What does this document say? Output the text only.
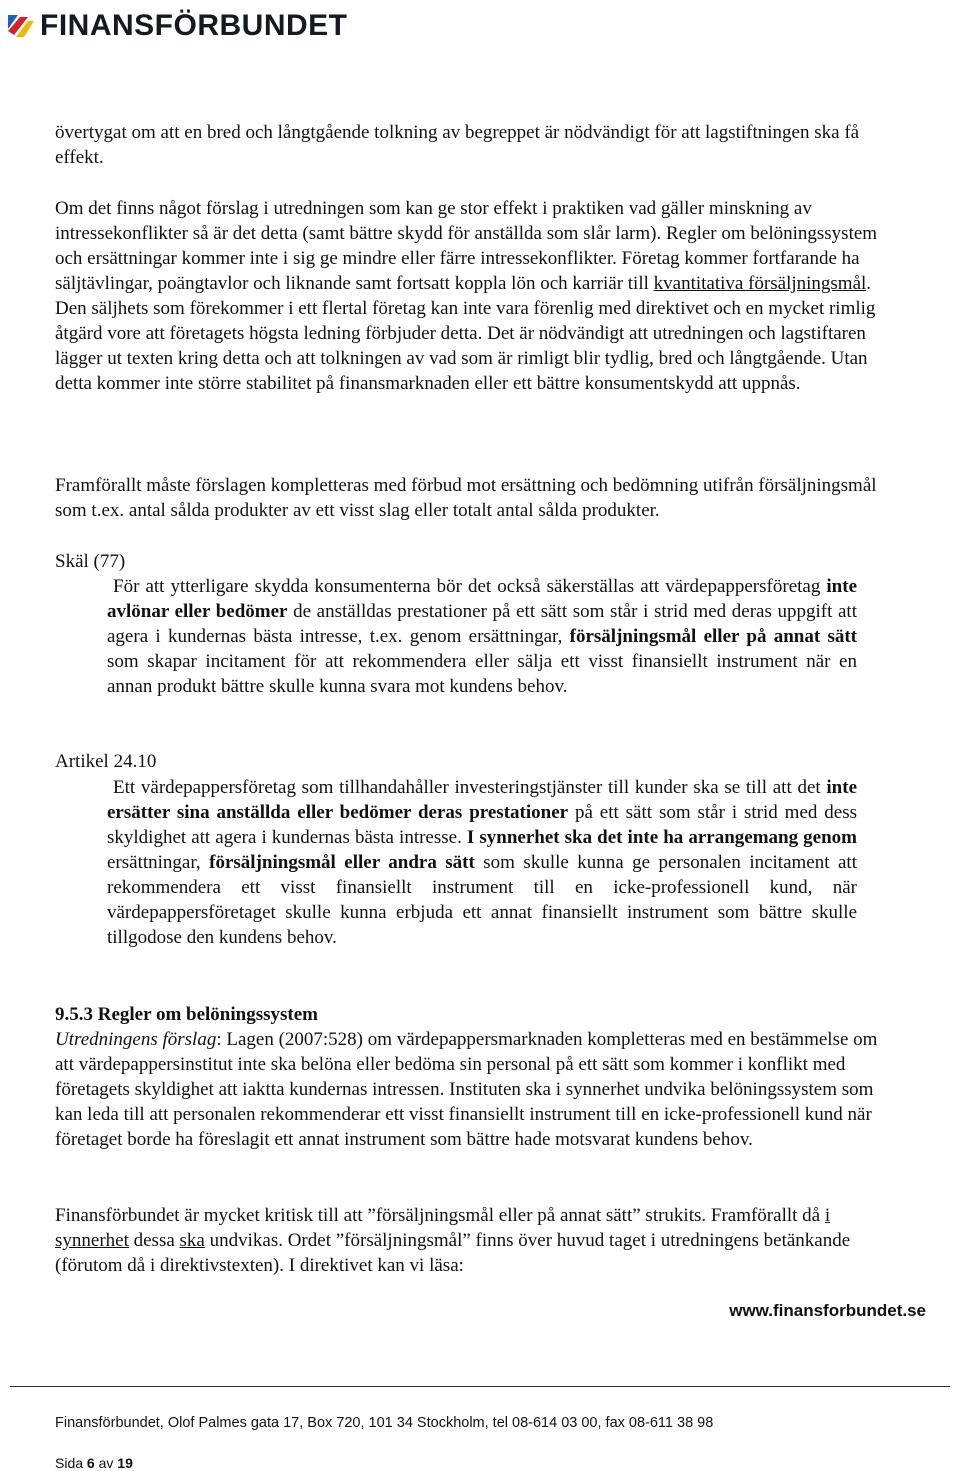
FINANSFÖRBUNDET

övertygat om att en bred och långtgående tolkning av begreppet är nödvändigt för att lagstiftningen ska få effekt.

Om det finns något förslag i utredningen som kan ge stor effekt i praktiken vad gäller minskning av intressekonflikter så är det detta (samt bättre skydd för anställda som slår larm). Regler om belöningssystem och ersättningar kommer inte i sig ge mindre eller färre intressekonflikter. Företag kommer fortfarande ha säljtävlingar, poängtavlor och liknande samt fortsatt koppla lön och karriär till kvantitativa försäljningsmål. Den säljhets som förekommer i ett flertal företag kan inte vara förenlig med direktivet och en mycket rimlig åtgärd vore att företagets högsta ledning förbjuder detta. Det är nödvändigt att utredningen och lagstiftaren lägger ut texten kring detta och att tolkningen av vad som är rimligt blir tydlig, bred och långtgående. Utan detta kommer inte större stabilitet på finansmarknaden eller ett bättre konsumentskydd att uppnås.

Framförallt måste förslagen kompletteras med förbud mot ersättning och bedömning utifrån försäljningsmål som t.ex. antal sålda produkter av ett visst slag eller totalt antal sålda produkter.

Skäl (77)

För att ytterligare skydda konsumenterna bör det också säkerställas att värdepappersföretag inte avlönar eller bedömer de anställdas prestationer på ett sätt som står i strid med deras uppgift att agera i kundernas bästa intresse, t.ex. genom ersättningar, försäljningsmål eller på annat sätt som skapar incitament för att rekommendera eller sälja ett visst finansiellt instrument när en annan produkt bättre skulle kunna svara mot kundens behov.

Artikel 24.10

Ett värdepappersföretag som tillhandahåller investeringstjänster till kunder ska se till att det inte ersätter sina anställda eller bedömer deras prestationer på ett sätt som står i strid med dess skyldighet att agera i kundernas bästa intresse. I synnerhet ska det inte ha arrangemang genom ersättningar, försäljningsmål eller andra sätt som skulle kunna ge personalen incitament att rekommendera ett visst finansiellt instrument till en icke-professionell kund, när värdepappersföretaget skulle kunna erbjuda ett annat finansiellt instrument som bättre skulle tillgodose den kundens behov.

9.5.3 Regler om belöningssystem

Utredningens förslag: Lagen (2007:528) om värdepappersmarknaden kompletteras med en bestämmelse om att värdepappersinstitut inte ska belöna eller bedöma sin personal på ett sätt som kommer i konflikt med företagets skyldighet att iaktta kundernas intressen. Instituten ska i synnerhet undvika belöningssystem som kan leda till att personalen rekommenderar ett visst finansiellt instrument till en icke-professionell kund när företaget borde ha föreslagit ett annat instrument som bättre hade motsvarat kundens behov.

Finansförbundet är mycket kritisk till att ”försäljningsmål eller på annat sätt” strukits. Framförallt då i synnerhet dessa ska undvikas. Ordet ”försäljningsmål” finns över huvud taget i utredningens betänkande (förutom då i direktivstexten). I direktivet kan vi läsa:

www.finansforbundet.se
Finansförbundet, Olof Palmes gata 17, Box 720, 101 34 Stockholm, tel 08-614 03 00, fax 08-611 38 98
Sida 6 av 19
